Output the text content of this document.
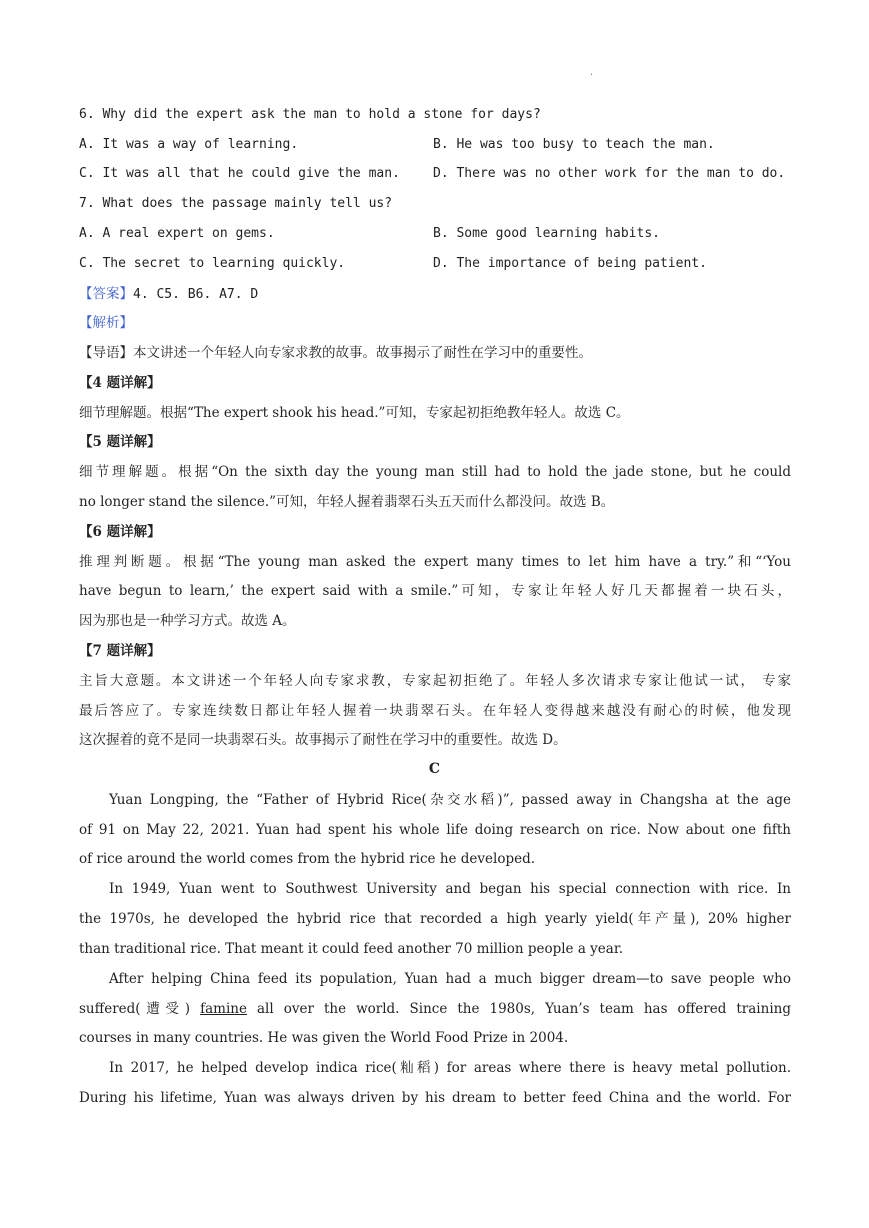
·
6. Why did the expert ask the man to hold a stone for days?
A. It was a way of learning.	B. He was too busy to teach the man.
C. It was all that he could give the man.	D. There was no other work for the man to do.
7. What does the passage mainly tell us?
A. A real expert on gems.	B. Some good learning habits.
C. The secret to learning quickly.	D. The importance of being patient.
【答案】4. C5. B6. A7. D
【解析】
【导语】本文讲述一个年轻人向专家求教的故事。故事揭示了耐性在学习中的重要性。
【4 题详解】
细节理解题。根据“The expert shook his head.”可知，专家起初拒绝教年轻人。故选 C。
【5 题详解】
细节理解题。根据“On the sixth day the young man still had to hold the jade stone, but he could
no longer stand the silence.”可知，年轻人握着翡翠石头五天而什么都没问。故选 B。
【6 题详解】
推理判断题。根据“The young man asked the expert many times to let him have a try.”和“‘You
have begun to learn,’ the expert said with a smile.”可知，专家让年轻人好几天都握着一块石头，
因为那也是一种学习方式。故选 A。
【7 题详解】
主旨大意题。本文讲述一个年轻人向专家求教，专家起初拒绝了。年轻人多次请求专家让他试一试， 专家
最后答应了。专家连续数日都让年轻人握着一块翡翠石头。在年轻人变得越来越没有耐心的时候，他发现
这次握着的竟不是同一块翡翠石头。故事揭示了耐性在学习中的重要性。故选 D。
C
Yuan Longping, the “Father of Hybrid Rice(杂交水稻)”, passed away in Changsha at the age
of 91 on May 22, 2021. Yuan had spent his whole life doing research on rice. Now about one fifth
of rice around the world comes from the hybrid rice he developed.
In 1949, Yuan went to Southwest University and began his special connection with rice. In
the 1970s, he developed the hybrid rice that recorded a high yearly yield(年产量), 20% higher
than traditional rice. That meant it could feed another 70 million people a year.
After helping China feed its population, Yuan had a much bigger dream—to save people who
suffered(遭受) famine all over the world. Since the 1980s, Yuan’s team has offered training
courses in many countries. He was given the World Food Prize in 2004.
In 2017, he helped develop indica rice(籼稻) for areas where there is heavy metal pollution.
During his lifetime, Yuan was always driven by his dream to better feed China and the world. For
